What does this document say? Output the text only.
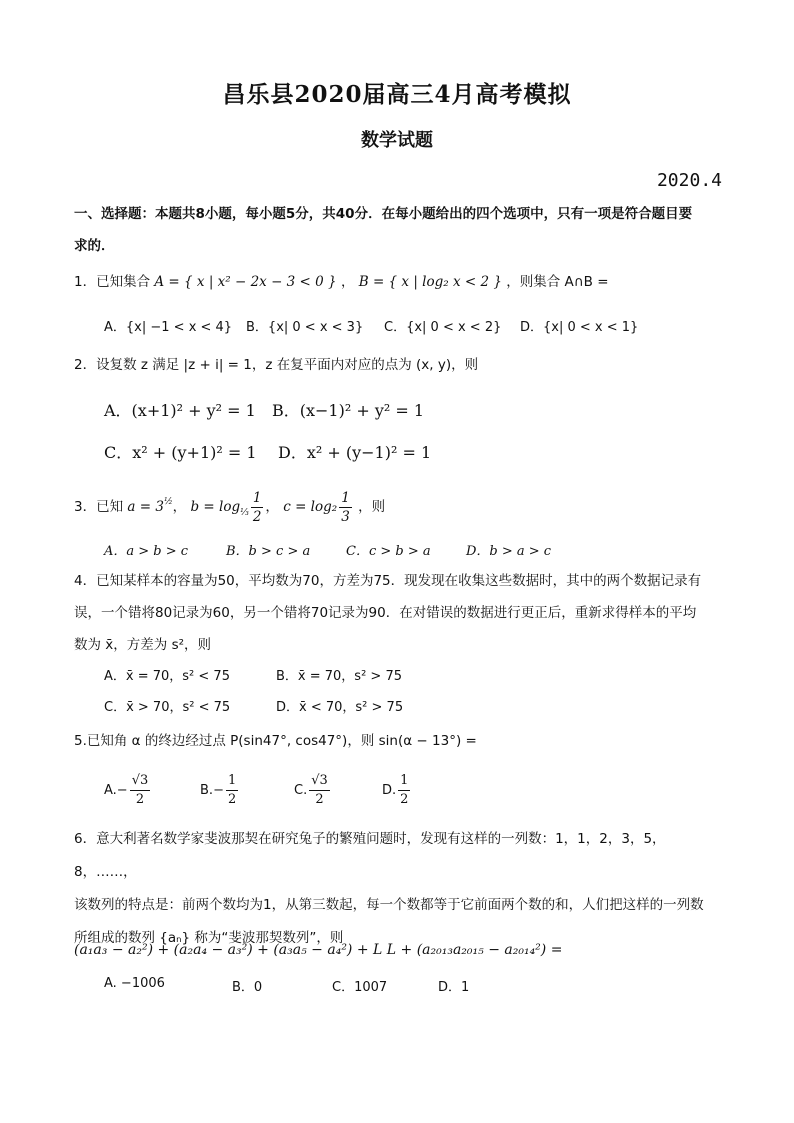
昌乐县2020届高三4月高考模拟
数学试题
2020.4
一、选择题：本题共8小题，每小题5分，共40分．在每小题给出的四个选项中，只有一项是符合题目要
求的．
1．已知集合 A = { x | x² − 2x − 3 < 0 } ， B = { x | log₂ x < 2 } ，则集合 A∩B =
A．{x| −1 < x < 4} B．{x| 0 < x < 3} C．{x| 0 < x < 2} D．{x| 0 < x < 1}
2．设复数 z 满足 |z + i| = 1，z 在复平面内对应的点为 (x, y)，则
A．(x+1)² + y² = 1 B．(x−1)² + y² = 1
C．x² + (y+1)² = 1 D．x² + (y−1)² = 1
3．已知 $a = 3^{\frac{1}{2}}$， $b = \log_{\frac{1}{3}} \frac{1}{2}$ ， $c = \log_2 \frac{1}{3}$ ，则
A．a > b > c	B．b > c > a	C．c > b > a	D．b > a > c
4．已知某样本的容量为50，平均数为70，方差为75．现发现在收集这些数据时，其中的两个数据记录有
误，一个错将80记录为60，另一个错将70记录为90．在对错误的数据进行更正后，重新求得样本的平均
数为 x̄，方差为 s²，则
A．x̄ = 70，s² < 75	B．x̄ = 70，s² > 75
C．x̄ > 70，s² < 75	D．x̄ < 70，s² > 75
5.已知角 α 的终边经过点 P(sin47°, cos47°)，则 sin(α − 13°) =
$A.- \frac{√3}{2}$	$B.- \frac{1}{2}$	C. $\frac{√3}{2}$	D. $\frac{1}{2}$
6．意大利著名数学家斐波那契在研究兔子的繁殖问题时，发现有这样的一列数：1，1，2，3，5，8，……，
该数列的特点是：前两个数均为1，从第三数起，每一个数都等于它前面两个数的和，人们把这样的一列数
所组成的数列 {aₙ} 称为“斐波那契数列”，则
(a₁a₃ − a₂²) + (a₂a₄ − a₃²) + (a₃a₅ − a₄²) + L L + (a₂₀₁₃a₂₀₁₅ − a₂₀₁₄²) =
A. −1006	B．0	C．1007	D．1
